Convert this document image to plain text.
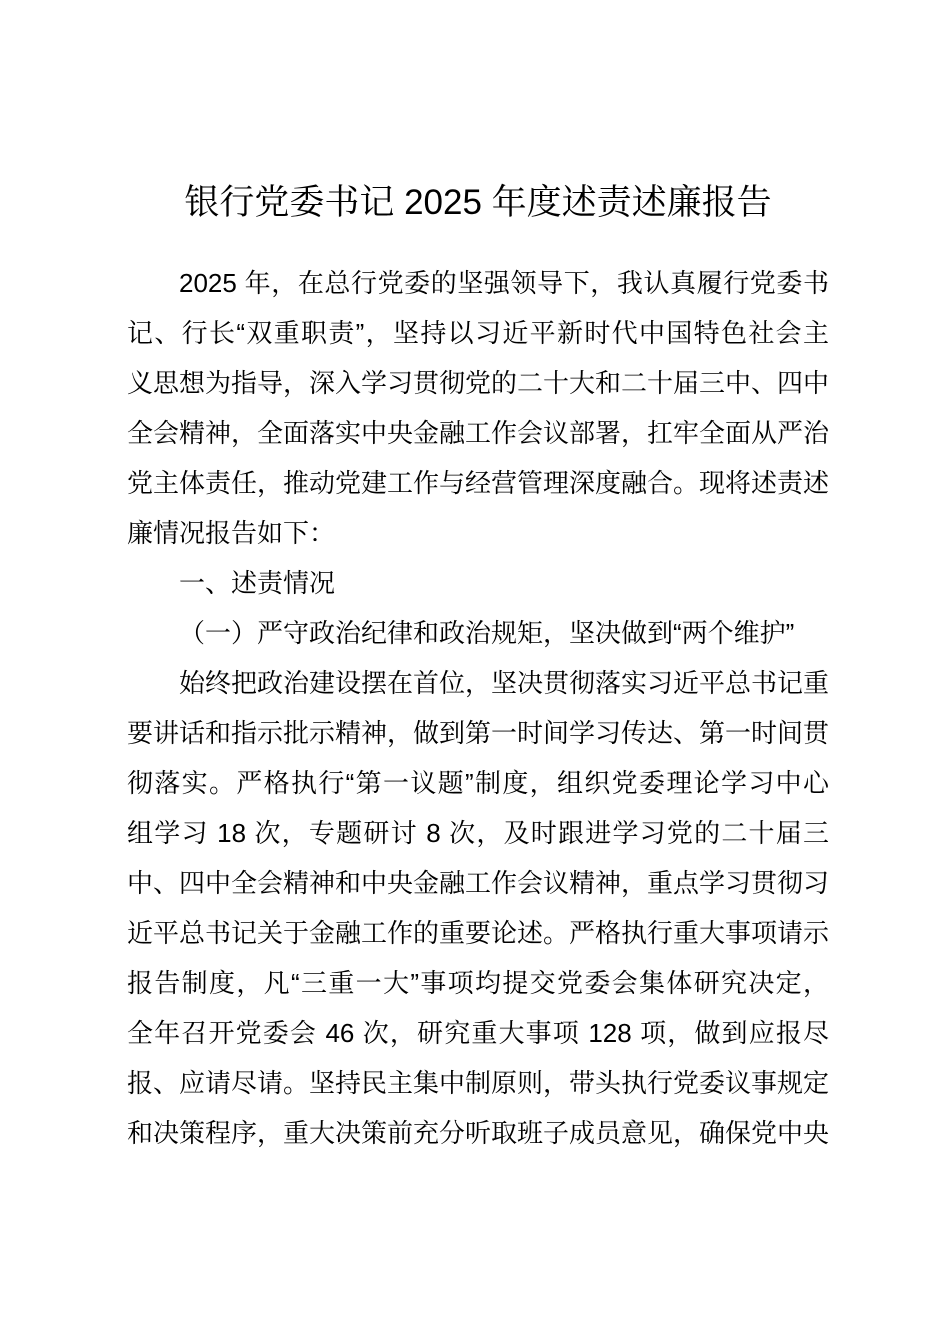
银行党委书记 2025 年度述责述廉报告
2025 年，在总行党委的坚强领导下，我认真履行党委书
记、行长“双重职责”，坚持以习近平新时代中国特色社会主
义思想为指导，深入学习贯彻党的二十大和二十届三中、四中
全会精神，全面落实中央金融工作会议部署，扛牢全面从严治
党主体责任，推动党建工作与经营管理深度融合。现将述责述
廉情况报告如下：
一、述责情况
（一）严守政治纪律和政治规矩，坚决做到“两个维护”
始终把政治建设摆在首位，坚决贯彻落实习近平总书记重
要讲话和指示批示精神，做到第一时间学习传达、第一时间贯
彻落实。严格执行“第一议题”制度，组织党委理论学习中心
组学习 18 次，专题研讨 8 次，及时跟进学习党的二十届三
中、四中全会精神和中央金融工作会议精神，重点学习贯彻习
近平总书记关于金融工作的重要论述。严格执行重大事项请示
报告制度，凡“三重一大”事项均提交党委会集体研究决定，
全年召开党委会 46 次，研究重大事项 128 项，做到应报尽
报、应请尽请。坚持民主集中制原则，带头执行党委议事规定
和决策程序，重大决策前充分听取班子成员意见，确保党中央
